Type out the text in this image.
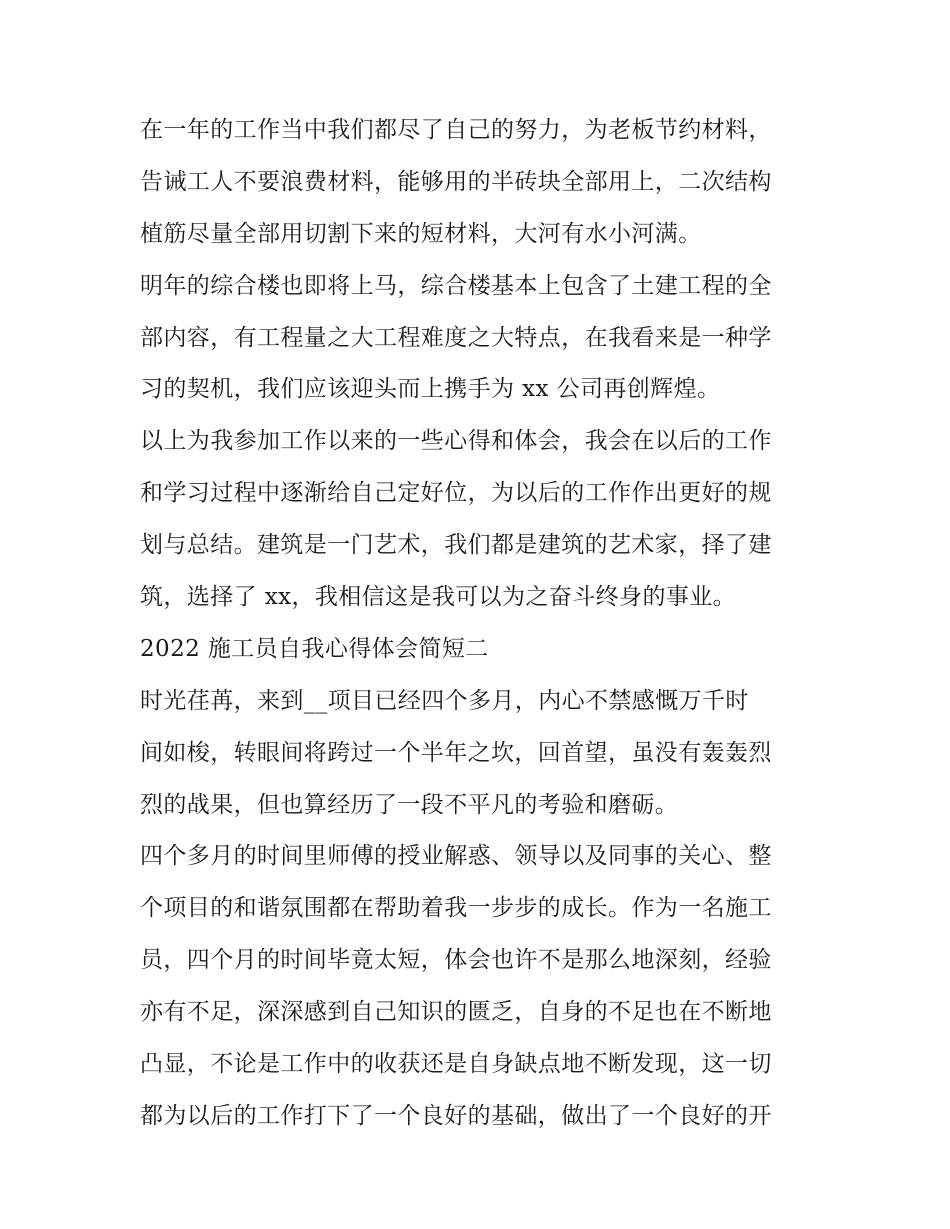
在一年的工作当中我们都尽了自己的努力，为老板节约材料，
告诫工人不要浪费材料，能够用的半砖块全部用上，二次结构
植筋尽量全部用切割下来的短材料，大河有水小河满。
明年的综合楼也即将上马，综合楼基本上包含了土建工程的全
部内容，有工程量之大工程难度之大特点，在我看来是一种学
习的契机，我们应该迎头而上携手为 xx 公司再创辉煌。
以上为我参加工作以来的一些心得和体会，我会在以后的工作
和学习过程中逐渐给自己定好位，为以后的工作作出更好的规
划与总结。建筑是一门艺术，我们都是建筑的艺术家，择了建
筑，选择了 xx，我相信这是我可以为之奋斗终身的事业。
2022 施工员自我心得体会简短二
时光荏苒，来到__项目已经四个多月，内心不禁感慨万千时
间如梭，转眼间将跨过一个半年之坎，回首望，虽没有轰轰烈
烈的战果，但也算经历了一段不平凡的考验和磨砺。
四个多月的时间里师傅的授业解惑、领导以及同事的关心、整
个项目的和谐氛围都在帮助着我一步步的成长。作为一名施工
员，四个月的时间毕竟太短，体会也许不是那么地深刻，经验
亦有不足，深深感到自己知识的匮乏，自身的不足也在不断地
凸显，不论是工作中的收获还是自身缺点地不断发现，这一切
都为以后的工作打下了一个良好的基础，做出了一个良好的开
